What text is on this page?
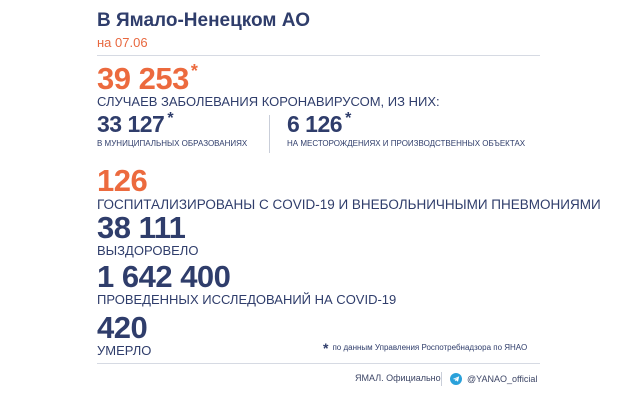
В Ямало-Ненецком АО
на 07.06
39 253 *
СЛУЧАЕВ ЗАБОЛЕВАНИЯ КОРОНАВИРУСОМ, ИЗ НИХ:
33 127 *
В МУНИЦИПАЛЬНЫХ ОБРАЗОВАНИЯХ
6 126 *
НА МЕСТОРОЖДЕНИЯХ И ПРОИЗВОДСТВЕННЫХ ОБЪЕКТАХ
126
ГОСПИТАЛИЗИРОВАНЫ С COVID-19 И ВНЕБОЛЬНИЧНЫМИ ПНЕВМОНИЯМИ
38 111
ВЫЗДОРОВЕЛО
1 642 400
ПРОВЕДЕННЫХ ИССЛЕДОВАНИЙ НА COVID-19
420
УМЕРЛО	* по данным Управления Роспотребнадзора по ЯНАО
ЯМАЛ. Официально	@YANAO_official
